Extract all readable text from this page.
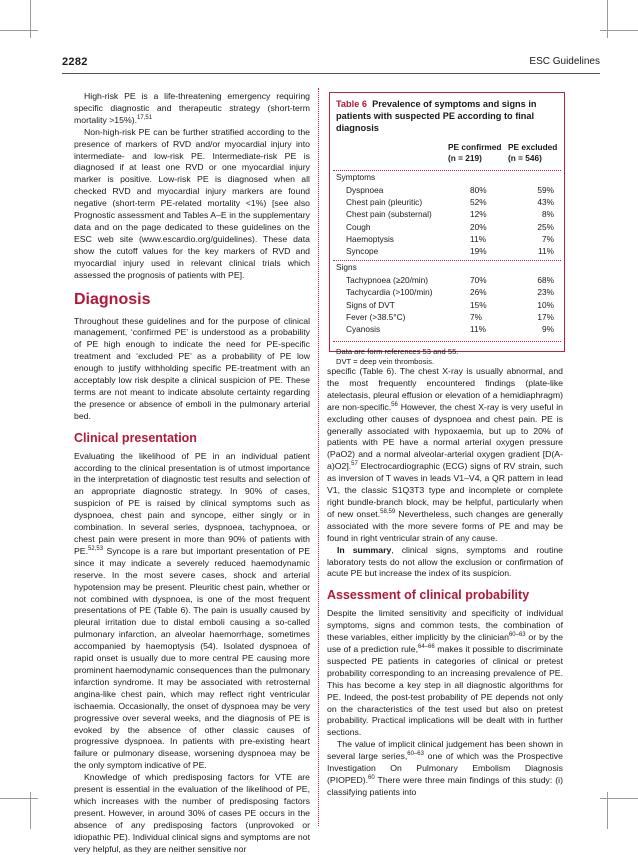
2282	ESC Guidelines

High-risk PE is a life-threatening emergency requiring specific diagnostic and therapeutic strategy (short-term mortality >15%).$^{17,51}$

Non-high-risk PE can be further stratified according to the presence of markers of RVD and/or myocardial injury into intermediate- and low-risk PE. Intermediate-risk PE is diagnosed if at least one RVD or one myocardial injury marker is positive. Low-risk PE is diagnosed when all checked RVD and myocardial injury markers are found negative (short-term PE-related mortality <1%) [see also Prognostic assessment and Tables A–E in the supplementary data and on the page dedicated to these guidelines on the ESC web site (www.escardio.org/guidelines). These data show the cutoff values for the key markers of RVD and myocardial injury used in relevant clinical trials which assessed the prognosis of patients with PE].

Diagnosis

Throughout these guidelines and for the purpose of clinical management, ‘confirmed PE’ is understood as a probability of PE high enough to indicate the need for PE-specific treatment and ‘excluded PE’ as a probability of PE low enough to justify withholding specific PE-treatment with an acceptably low risk despite a clinical suspicion of PE. These terms are not meant to indicate absolute certainty regarding the presence or absence of emboli in the pulmonary arterial bed.

Clinical presentation

Evaluating the likelihood of PE in an individual patient according to the clinical presentation is of utmost importance in the interpretation of diagnostic test results and selection of an appropriate diagnostic strategy. In 90% of cases, suspicion of PE is raised by clinical symptoms such as dyspnoea, chest pain and syncope, either singly or in combination. In several series, dyspnoea, tachypnoea, or chest pain were present in more than 90% of patients with PE.$^{52,53}$ Syncope is a rare but important presentation of PE since it may indicate a severely reduced haemodynamic reserve. In the most severe cases, shock and arterial hypotension may be present. Pleuritic chest pain, whether or not combined with dyspnoea, is one of the most frequent presentations of PE (Table 6). The pain is usually caused by pleural irritation due to distal emboli causing a so-called pulmonary infarction, an alveolar haemorrhage, sometimes accompanied by haemoptysis (54). Isolated dyspnoea of rapid onset is usually due to more central PE causing more prominent haemodynamic consequences than the pulmonary infarction syndrome. It may be associated with retrosternal angina-like chest pain, which may reflect right ventricular ischaemia. Occasionally, the onset of dyspnoea may be very progressive over several weeks, and the diagnosis of PE is evoked by the absence of other classic causes of progressive dyspnoea. In patients with pre-existing heart failure or pulmonary disease, worsening dyspnoea may be the only symptom indicative of PE.

Knowledge of which predisposing factors for VTE are present is essential in the evaluation of the likelihood of PE, which increases with the number of predisposing factors present. However, in around 30% of cases PE occurs in the absence of any predisposing factors (unprovoked or idiopathic PE). Individual clinical signs and symptoms are not very helpful, as they are neither sensitive nor

Table 6 Prevalence of symptoms and signs in patients with suspected PE according to final diagnosis
PE confirmed
(n = 219)
PE excluded
(n = 546)
Symptoms
Dyspnoea	80%	59%
Chest pain (pleuritic)	52%	43%
Chest pain (substernal)	12%	8%
Cough	20%	25%
Haemoptysis	11%	7%
Syncope	19%	11%
Signs
Tachypnoea (≥20/min)	70%	68%
Tachycardia (>100/min)	26%	23%
Signs of DVT	15%	10%
Fever (>38.5°C)	7%	17%
Cyanosis	11%	9%
Data are form references 53 and 55.
DVT = deep vein thrombosis.

specific (Table 6). The chest X-ray is usually abnormal, and the most frequently encountered findings (plate-like atelectasis, pleural effusion or elevation of a hemidiaphragm) are non-specific.$^{56}$ However, the chest X-ray is very useful in excluding other causes of dyspnoea and chest pain. PE is generally associated with hypoxaemia, but up to 20% of patients with PE have a normal arterial oxygen pressure (PaO2) and a normal alveolar-arterial oxygen gradient [D(A-a)O2].$^{57}$ Electrocardiographic (ECG) signs of RV strain, such as inversion of T waves in leads V1–V4, a QR pattern in lead V1, the classic S1Q3T3 type and incomplete or complete right bundle-branch block, may be helpful, particularly when of new onset.$^{58,59}$ Nevertheless, such changes are generally associated with the more severe forms of PE and may be found in right ventricular strain of any cause.

In summary, clinical signs, symptoms and routine laboratory tests do not allow the exclusion or confirmation of acute PE but increase the index of its suspicion.

Assessment of clinical probability

Despite the limited sensitivity and specificity of individual symptoms, signs and common tests, the combination of these variables, either implicitly by the clinician$^{60-63}$ or by the use of a prediction rule,$^{64-66}$ makes it possible to discriminate suspected PE patients in categories of clinical or pretest probability corresponding to an increasing prevalence of PE. This has become a key step in all diagnostic algorithms for PE. Indeed, the post-test probability of PE depends not only on the characteristics of the test used but also on pretest probability. Practical implications will be dealt with in further sections.

The value of implicit clinical judgement has been shown in several large series,$^{60-63}$ one of which was the Prospective Investigation On Pulmonary Embolism Diagnosis (PIOPED).$^{60}$ There were three main findings of this study: (i) classifying patients into
